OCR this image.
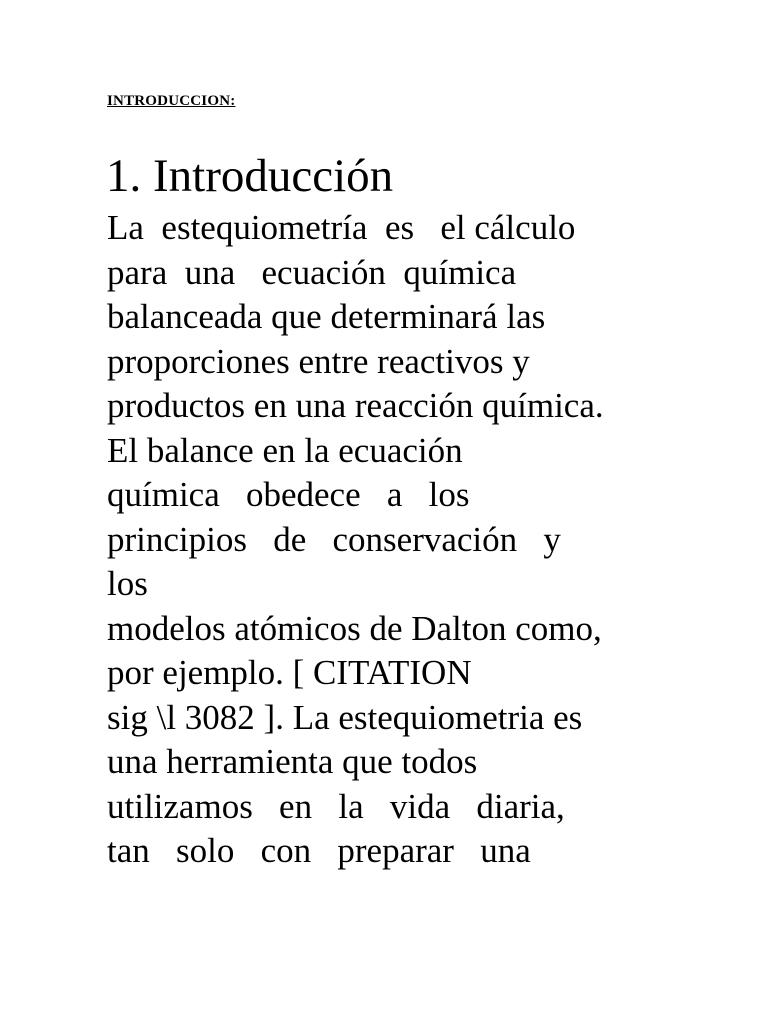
INTRODUCCION:
1. Introducción
La  estequiometría  es   el cálculo
para  una   ecuación  química
balanceada que determinará las
proporciones entre reactivos y
productos en una reacción química.
El balance en la ecuación
química   obedece   a   los
principios   de   conservación   y
los
modelos atómicos de Dalton como,
por ejemplo. [ CITATION
sig \l 3082 ]. La estequiometria es
una herramienta que todos
utilizamos   en   la   vida   diaria,
tan   solo   con   preparar   una
